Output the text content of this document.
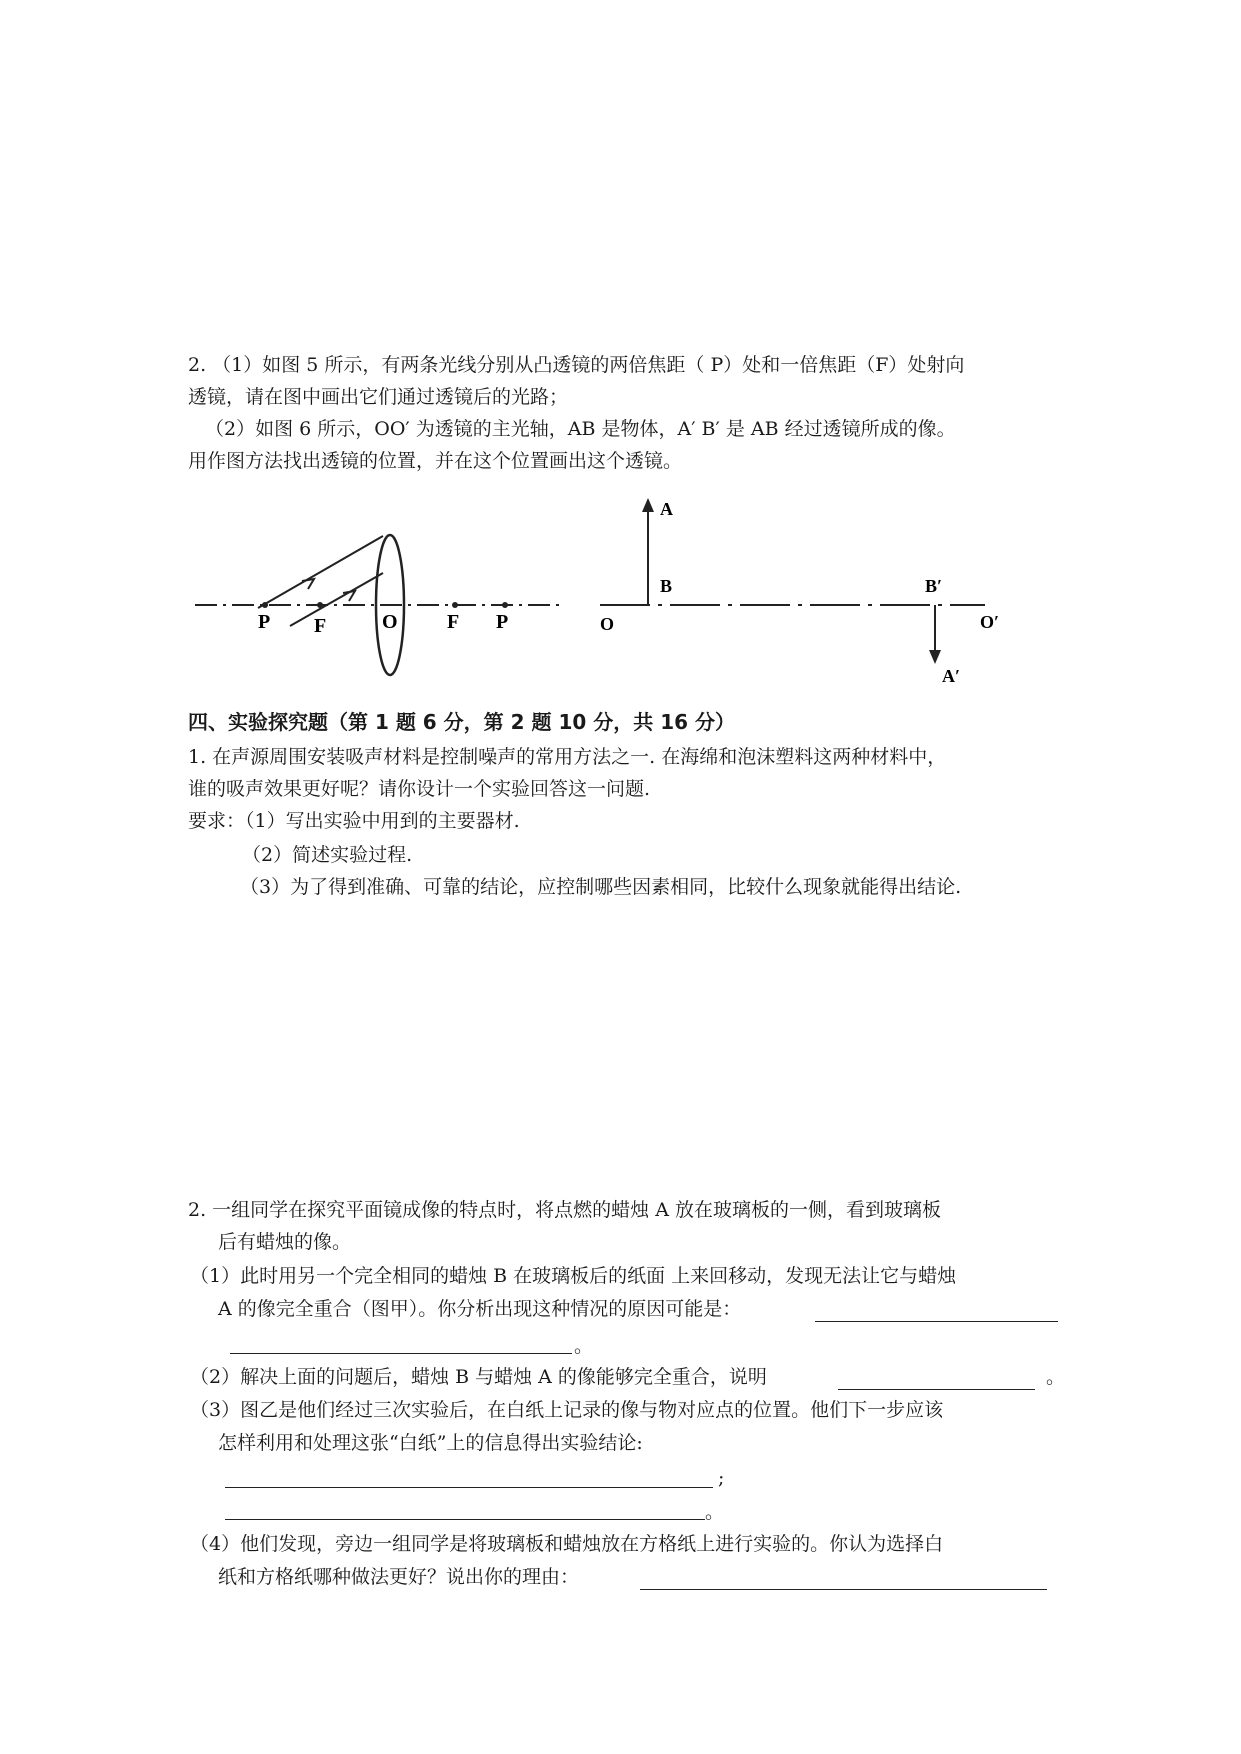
2. （1）如图 5 所示，有两条光线分别从凸透镜的两倍焦距（ P）处和一倍焦距（F）处射向
透镜，请在图中画出它们通过透镜后的光路；
（2）如图 6 所示，OO′ 为透镜的主光轴，AB 是物体，A′ B′ 是 AB 经过透镜所成的像。
用作图方法找出透镜的位置，并在这个位置画出这个透镜。
P F	O F P
A
B
O
B′
O′
A′
四、实验探究题（第 1 题 6 分，第 2 题 10 分，共 16 分）
1. 在声源周围安装吸声材料是控制噪声的常用方法之一. 在海绵和泡沫塑料这两种材料中，
谁的吸声效果更好呢？请你设计一个实验回答这一问题.
要求：（1）写出实验中用到的主要器材.
（2）简述实验过程.
（3）为了得到准确、可靠的结论，应控制哪些因素相同，比较什么现象就能得出结论.
2. 一组同学在探究平面镜成像的特点时，将点燃的蜡烛 A 放在玻璃板的一侧，看到玻璃板
后有蜡烛的像。
（1）此时用另一个完全相同的蜡烛 B 在玻璃板后的纸面 上来回移动，发现无法让它与蜡烛
A 的像完全重合（图甲）。你分析出现这种情况的原因可能是：
。
（2）解决上面的问题后，蜡烛 B 与蜡烛 A 的像能够完全重合，说明	。
（3）图乙是他们经过三次实验后，在白纸上记录的像与物对应点的位置。他们下一步应该
怎样利用和处理这张“白纸”上的信息得出实验结论:
;
。
（4）他们发现，旁边一组同学是将玻璃板和蜡烛放在方格纸上进行实验的。你认为选择白
纸和方格纸哪种做法更好？说出你的理由：
